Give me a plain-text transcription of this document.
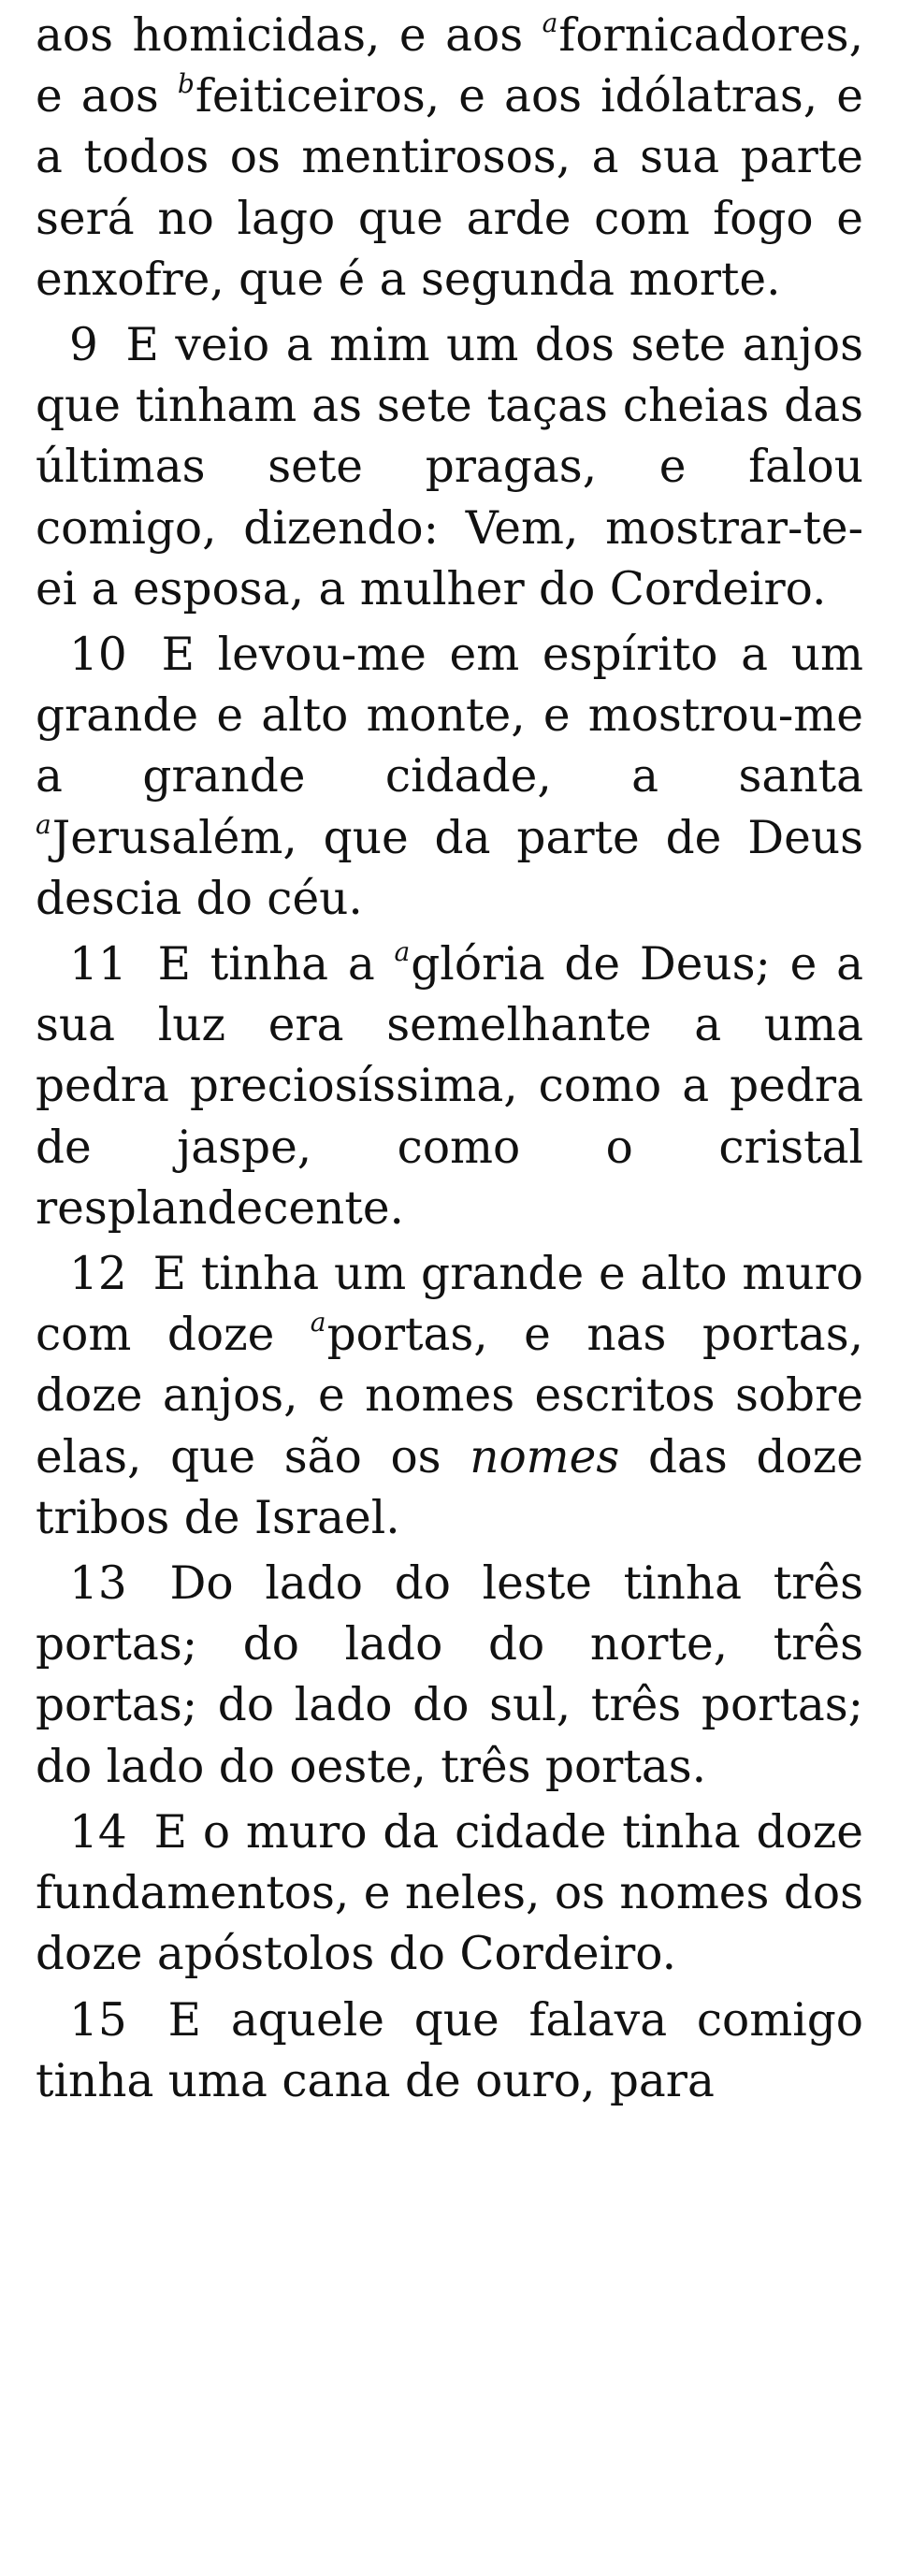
aos homicidas, e aos $^a$fornicadores, e aos $^b$feiticeiros, e aos idólatras, e a todos os mentirosos, a sua parte será no lago que arde com fogo e enxofre, que é a segunda morte.

9 E veio a mim um dos sete anjos que tinham as sete taças cheias das últimas sete pragas, e falou comigo, dizendo: Vem, mostrar-te-ei a esposa, a mulher do Cordeiro.

10 E levou-me em espírito a um grande e alto monte, e mostrou-me a grande cidade, a santa $^a$Jerusalém, que da parte de Deus descia do céu.

11 E tinha a $^a$glória de Deus; e a sua luz era semelhante a uma pedra preciosíssima, como a pedra de jaspe, como o cristal resplandecente.

12 E tinha um grande e alto muro com doze $^a$portas, e nas portas, doze anjos, e nomes escritos sobre elas, que são os nomes das doze tribos de Israel.

13 Do lado do leste tinha três portas; do lado do norte, três portas; do lado do sul, três portas; do lado do oeste, três portas.

14 E o muro da cidade tinha doze fundamentos, e neles, os nomes dos doze apóstolos do Cordeiro.

15 E aquele que falava comigo tinha uma cana de ouro, para
